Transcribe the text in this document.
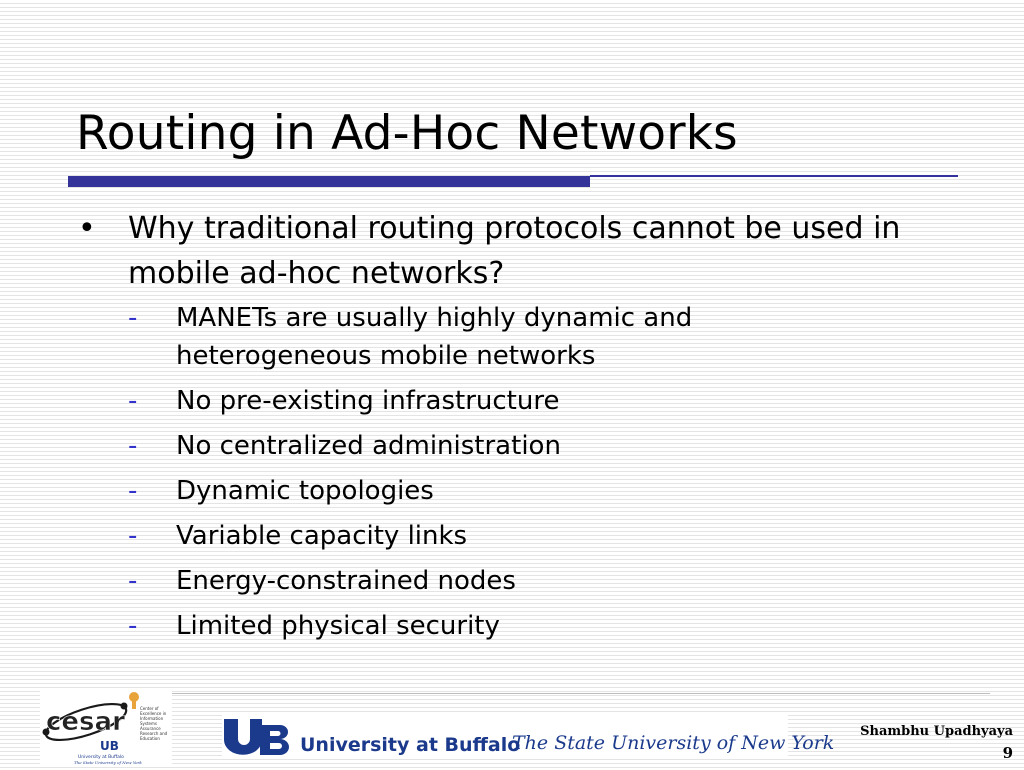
Routing in Ad-Hoc Networks
• Why traditional routing protocols cannot be used in mobile ad-hoc networks?

- MANETs are usually highly dynamic and heterogeneous mobile networks
- No pre-existing infrastructure
- No centralized administration
- Dynamic topologies
- Variable capacity links
- Energy-constrained nodes
- Limited physical security
cesar	Center of
Excellence in
Information
Systems
Assurance
Research and
Education
UB
University at Buffalo
The State University of New York
University at Buffalo
The State University of New York
Shambhu Upadhyaya
9
